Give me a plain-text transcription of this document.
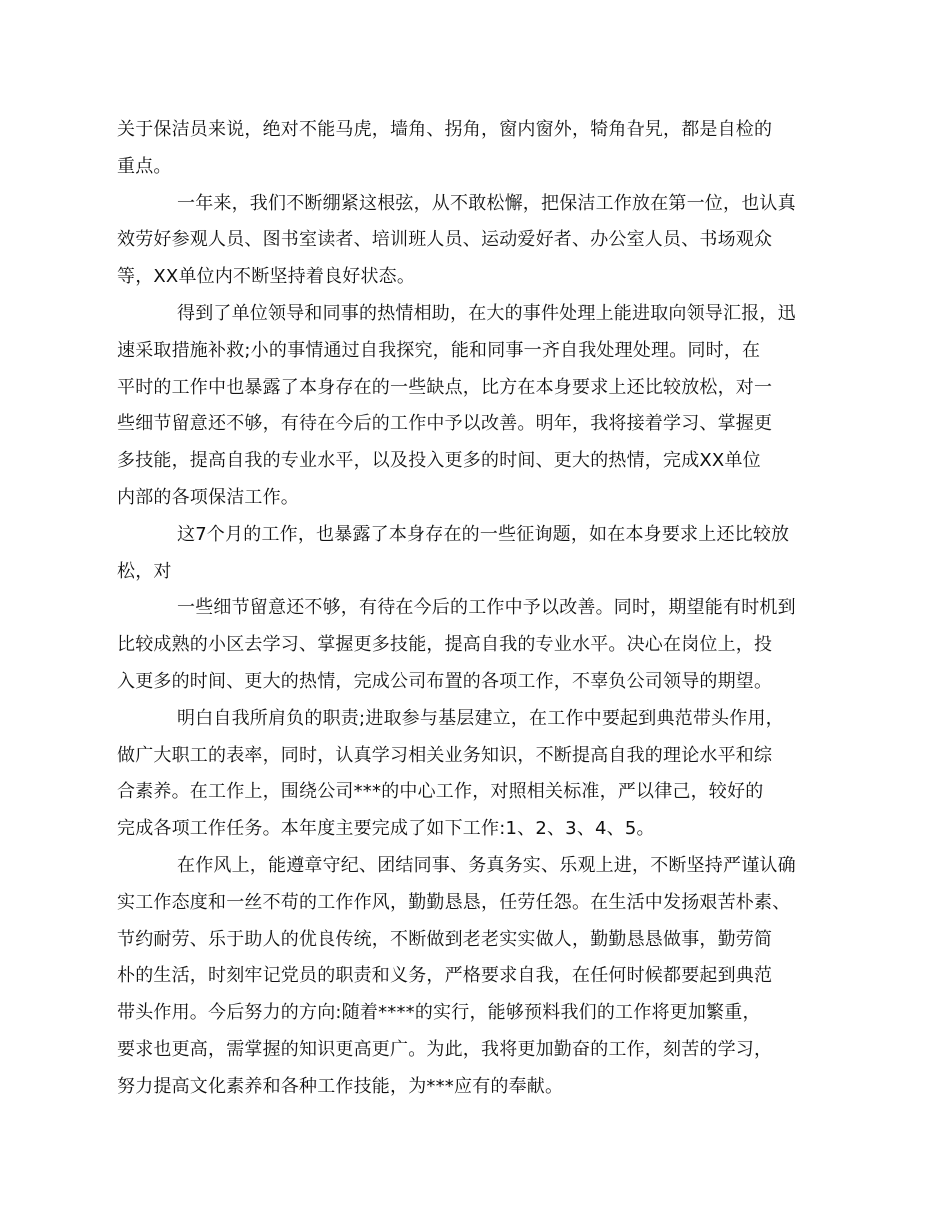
关于保洁员来说，绝对不能马虎，墙角、拐角，窗内窗外，犄角旮旯，都是自检的
重点。
一年来，我们不断绷紧这根弦，从不敢松懈，把保洁工作放在第一位，也认真
效劳好参观人员、图书室读者、培训班人员、运动爱好者、办公室人员、书场观众
等，XX单位内不断坚持着良好状态。
得到了单位领导和同事的热情相助，在大的事件处理上能进取向领导汇报，迅
速采取措施补救;小的事情通过自我探究，能和同事一齐自我处理处理。同时，在
平时的工作中也暴露了本身存在的一些缺点，比方在本身要求上还比较放松，对一
些细节留意还不够，有待在今后的工作中予以改善。明年，我将接着学习、掌握更
多技能，提高自我的专业水平，以及投入更多的时间、更大的热情，完成XX单位
内部的各项保洁工作。
这7个月的工作，也暴露了本身存在的一些征询题，如在本身要求上还比较放
松，对
一些细节留意还不够，有待在今后的工作中予以改善。同时，期望能有时机到
比较成熟的小区去学习、掌握更多技能，提高自我的专业水平。决心在岗位上，投
入更多的时间、更大的热情，完成公司布置的各项工作，不辜负公司领导的期望。
明白自我所肩负的职责;进取参与基层建立，在工作中要起到典范带头作用，
做广大职工的表率，同时，认真学习相关业务知识，不断提高自我的理论水平和综
合素养。在工作上，围绕公司***的中心工作，对照相关标准，严以律己，较好的
完成各项工作任务。本年度主要完成了如下工作:1、2、3、4、5。
在作风上，能遵章守纪、团结同事、务真务实、乐观上进，不断坚持严谨认确
实工作态度和一丝不苟的工作作风，勤勤恳恳，任劳任怨。在生活中发扬艰苦朴素、
节约耐劳、乐于助人的优良传统，不断做到老老实实做人，勤勤恳恳做事，勤劳简
朴的生活，时刻牢记党员的职责和义务，严格要求自我，在任何时候都要起到典范
带头作用。今后努力的方向:随着****的实行，能够预料我们的工作将更加繁重，
要求也更高，需掌握的知识更高更广。为此，我将更加勤奋的工作，刻苦的学习，
努力提高文化素养和各种工作技能，为***应有的奉献。
